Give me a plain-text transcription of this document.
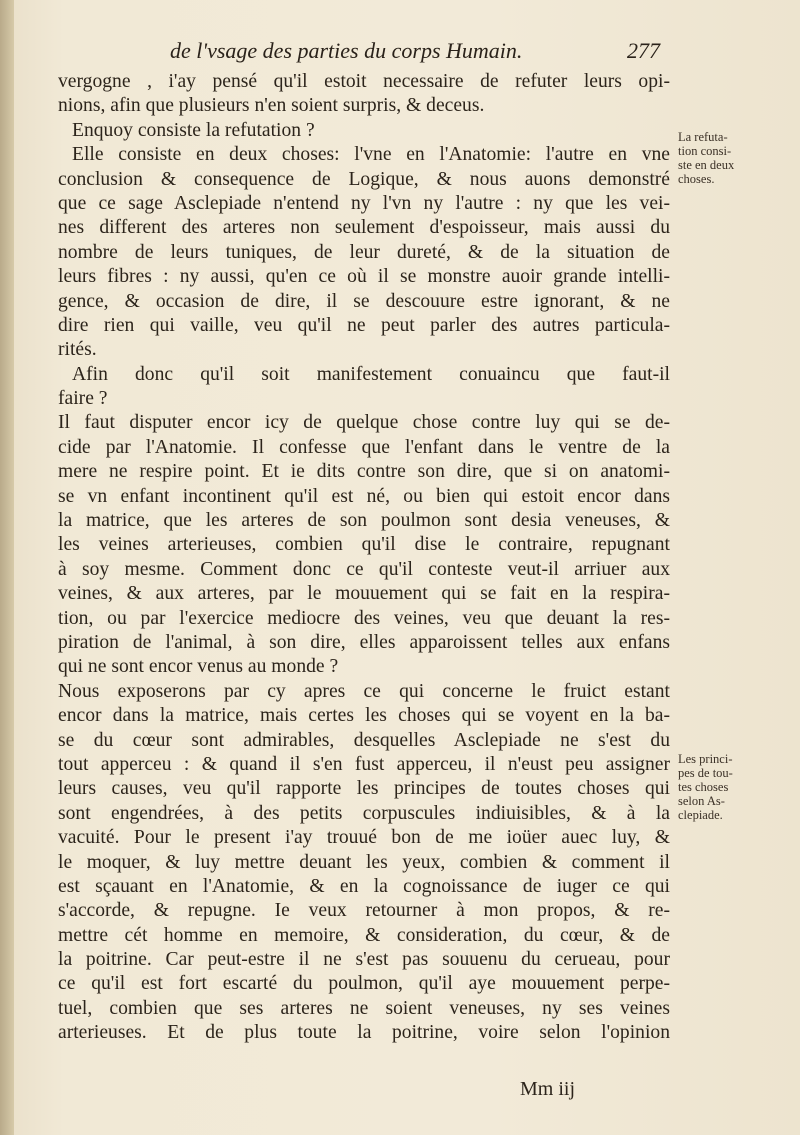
de l'vsage des parties du corps Humain.	277
vergogne , i'ay pensé qu'il estoit necessaire de refuter leurs opi-
nions, afin que plusieurs n'en soient surpris, & deceus.
Enquoy consiste la refutation ?
Elle consiste en deux choses: l'vne en l'Anatomie: l'autre en vne
conclusion & consequence de Logique, & nous auons demonstré
que ce sage Asclepiade n'entend ny l'vn ny l'autre : ny que les vei-
nes different des arteres non seulement d'espoisseur, mais aussi du
nombre de leurs tuniques, de leur dureté, & de la situation de
leurs fibres : ny aussi, qu'en ce où il se monstre auoir grande intelli-
gence, & occasion de dire, il se descouure estre ignorant, & ne
dire rien qui vaille, veu qu'il ne peut parler des autres particula-
rités.
Afin donc qu'il soit manifestement conuaincu que faut-il
faire ?
Il faut disputer encor icy de quelque chose contre luy qui se de-
cide par l'Anatomie. Il confesse que l'enfant dans le ventre de la
mere ne respire point. Et ie dits contre son dire, que si on anatomi-
se vn enfant incontinent qu'il est né, ou bien qui estoit encor dans
la matrice, que les arteres de son poulmon sont desia veneuses, &
les veines arterieuses, combien qu'il dise le contraire, repugnant
à soy mesme. Comment donc ce qu'il conteste veut-il arriuer aux
veines, & aux arteres, par le mouuement qui se fait en la respira-
tion, ou par l'exercice mediocre des veines, veu que deuant la res-
piration de l'animal, à son dire, elles apparoissent telles aux enfans
qui ne sont encor venus au monde ?
Nous exposerons par cy apres ce qui concerne le fruict estant
encor dans la matrice, mais certes les choses qui se voyent en la ba-
se du cœur sont admirables, desquelles Asclepiade ne s'est du
tout apperceu : & quand il s'en fust apperceu, il n'eust peu assigner
leurs causes, veu qu'il rapporte les principes de toutes choses qui
sont engendrées, à des petits corpuscules indiuisibles, & à la
vacuité. Pour le present i'ay trouué bon de me ioüer auec luy, &
le moquer, & luy mettre deuant les yeux, combien & comment il
est sçauant en l'Anatomie, & en la cognoissance de iuger ce qui
s'accorde, & repugne. Ie veux retourner à mon propos, & re-
mettre cét homme en memoire, & consideration, du cœur, & de
la poitrine. Car peut-estre il ne s'est pas souuenu du cerueau, pour
ce qu'il est fort escarté du poulmon, qu'il aye mouuement perpe-
tuel, combien que ses arteres ne soient veneuses, ny ses veines
arterieuses. Et de plus toute la poitrine, voire selon l'opinion
La refuta-
tion consi-
ste en deux
choses.
Les princi-
pes de tou-
tes choses
selon As-
clepiade.
Mm iij
